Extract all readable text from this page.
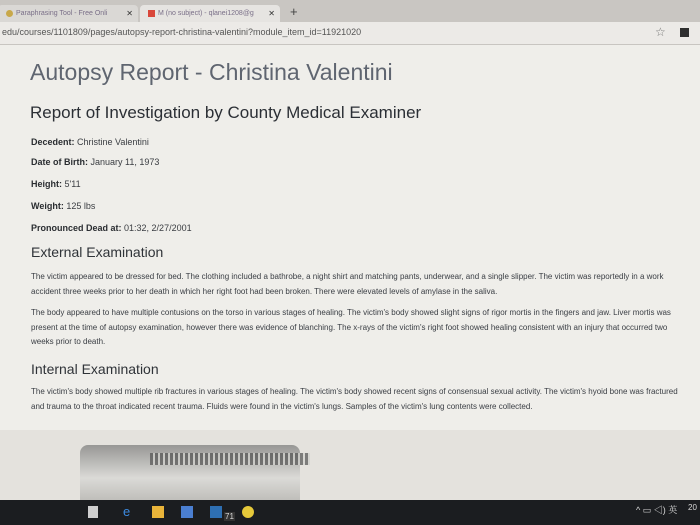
Paraphrasing Tool - Free Onli ✕	M (no subject) - qlanei1208@g ✕ +
edu/courses/1101809/pages/autopsy-report-christina-valentini?module_item_id=11921020	☆
Autopsy Report - Christina Valentini
Report of Investigation by County Medical Examiner
Decedent: Christine Valentini
Date of Birth: January 11, 1973
Height: 5'11
Weight: 125 lbs
Pronounced Dead at: 01:32, 2/27/2001
External Examination
The victim appeared to be dressed for bed. The clothing included a bathrobe, a night shirt and matching pants, underwear, and a single slipper. The victim was reportedly in a work accident three weeks prior to her death in which her right foot had been broken. There were elevated levels of amylase in the saliva.
The body appeared to have multiple contusions on the torso in various stages of healing. The victim's body showed slight signs of rigor mortis in the fingers and jaw. Liver mortis was present at the time of autopsy examination, however there was evidence of blanching. The x-rays of the victim's right foot showed healing consistent with an injury that occurred two weeks prior to death.
Internal Examination
The victim's body showed multiple rib fractures in various stages of healing. The victim's body showed recent signs of consensual sexual activity. The victim's hyoid bone was fractured and trauma to the throat indicated recent trauma. Fluids were found in the victim's lungs. Samples of the victim's lung contents were collected.
e	71
^ ▭ ◁) 英 20
